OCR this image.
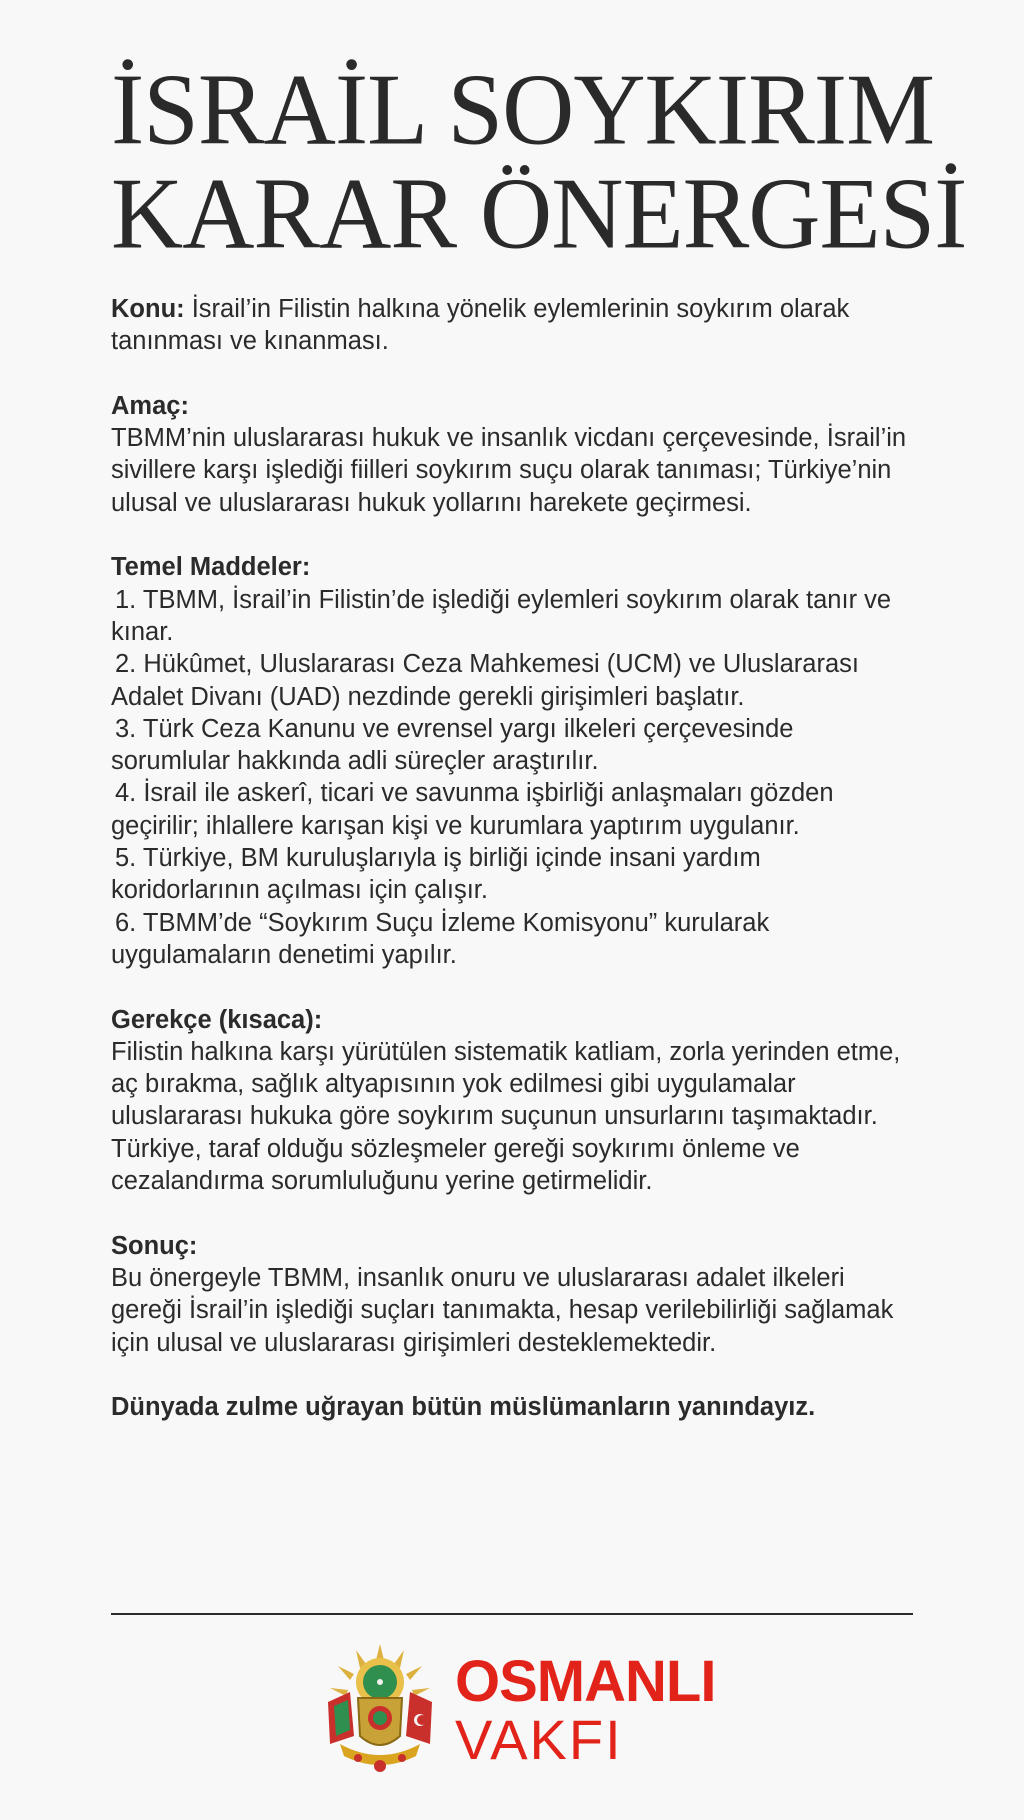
İSRAİL SOYKIRIM
KARAR ÖNERGESİ

Konu: İsrail’in Filistin halkına yönelik eylemlerinin soykırım olarak tanınması ve kınanması.

Amaç:

TBMM’nin uluslararası hukuk ve insanlık vicdanı çerçevesinde, İsrail’in sivillere karşı işlediği fiilleri soykırım suçu olarak tanıması; Türkiye’nin ulusal ve uluslararası hukuk yollarını harekete geçirmesi.

Temel Maddeler:

1. TBMM, İsrail’in Filistin’de işlediği eylemleri soykırım olarak tanır ve kınar.
2. Hükûmet, Uluslararası Ceza Mahkemesi (UCM) ve Uluslararası Adalet Divanı (UAD) nezdinde gerekli girişimleri başlatır.
3. Türk Ceza Kanunu ve evrensel yargı ilkeleri çerçevesinde sorumlular hakkında adli süreçler araştırılır.
4. İsrail ile askerî, ticari ve savunma işbirliği anlaşmaları gözden geçirilir; ihlallere karışan kişi ve kurumlara yaptırım uygulanır.
5. Türkiye, BM kuruluşlarıyla iş birliği içinde insani yardım koridorlarının açılması için çalışır.
6. TBMM’de “Soykırım Suçu İzleme Komisyonu” kurularak uygulamaların denetimi yapılır.

Gerekçe (kısaca):

Filistin halkına karşı yürütülen sistematik katliam, zorla yerinden etme, aç bırakma, sağlık altyapısının yok edilmesi gibi uygulamalar uluslararası hukuka göre soykırım suçunun unsurlarını taşımaktadır. Türkiye, taraf olduğu sözleşmeler gereği soykırımı önleme ve cezalandırma sorumluluğunu yerine getirmelidir.

Sonuç:

Bu önergeyle TBMM, insanlık onuru ve uluslararası adalet ilkeleri gereği İsrail’in işlediği suçları tanımakta, hesap verilebilirliği sağlamak için ulusal ve uluslararası girişimleri desteklemektedir.

Dünyada zulme uğrayan bütün müslümanların yanındayız.

OSMANLI
VAKFI
